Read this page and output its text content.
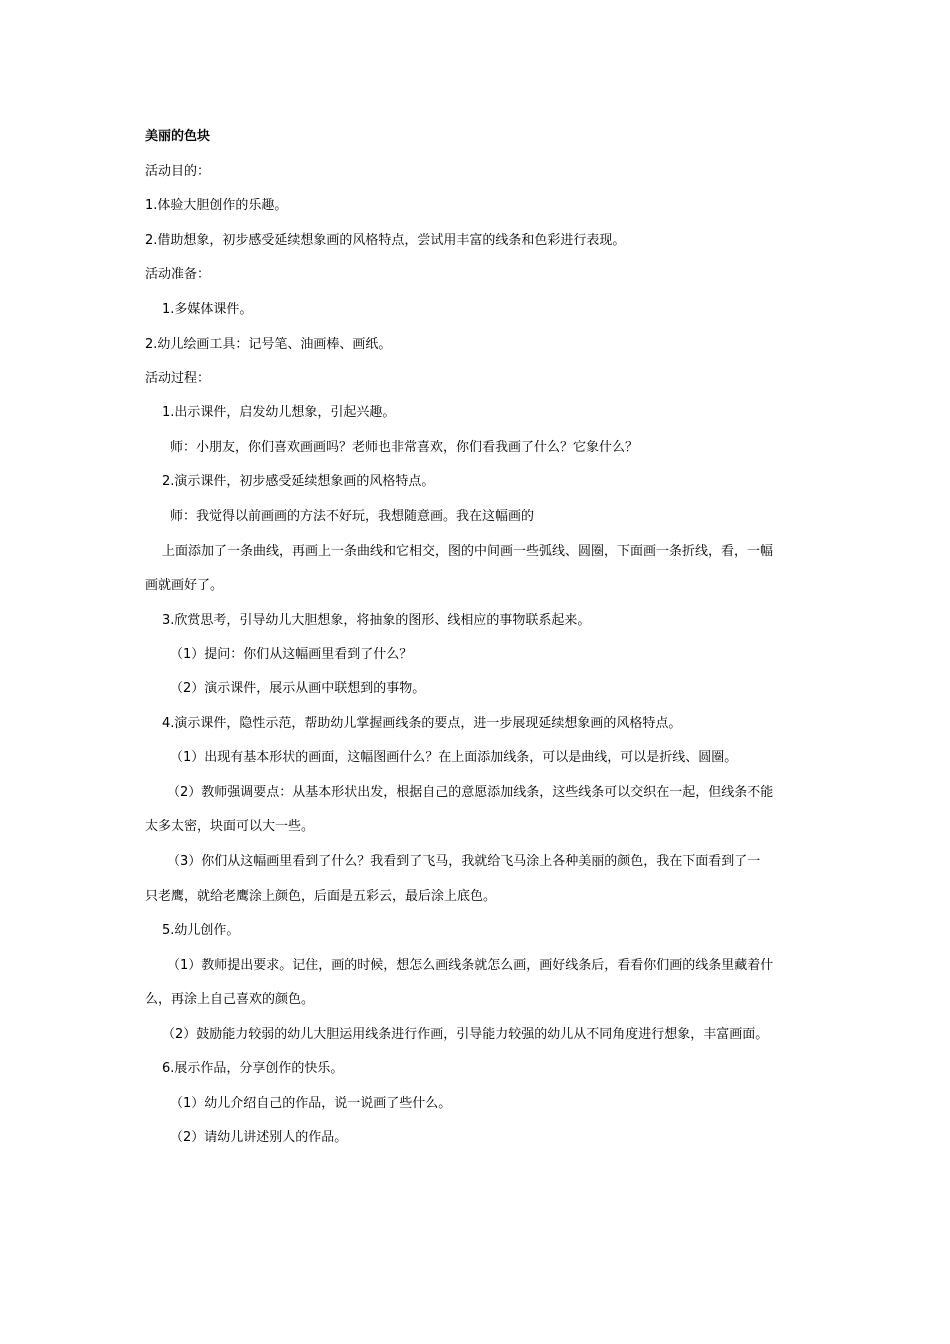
美丽的色块
活动目的：
1.体验大胆创作的乐趣。
2.借助想象，初步感受延续想象画的风格特点，尝试用丰富的线条和色彩进行表现。
活动准备：
1.多媒体课件。
2.幼儿绘画工具：记号笔、油画棒、画纸。
活动过程：
1.出示课件，启发幼儿想象，引起兴趣。
师：小朋友，你们喜欢画画吗？老师也非常喜欢，你们看我画了什么？它象什么？
2.演示课件，初步感受延续想象画的风格特点。
师：我觉得以前画画的方法不好玩，我想随意画。我在这幅画的
上面添加了一条曲线，再画上一条曲线和它相交，图的中间画一些弧线、圆圈，下面画一条折线，看，一幅
画就画好了。
3.欣赏思考，引导幼儿大胆想象，将抽象的图形、线相应的事物联系起来。
（1）提问：你们从这幅画里看到了什么？
（2）演示课件，展示从画中联想到的事物。
4.演示课件，隐性示范，帮助幼儿掌握画线条的要点，进一步展现延续想象画的风格特点。
（1）出现有基本形状的画面，这幅图画什么？在上面添加线条，可以是曲线，可以是折线、圆圈。
（2）教师强调要点：从基本形状出发，根据自己的意愿添加线条，这些线条可以交织在一起，但线条不能
太多太密，块面可以大一些。
（3）你们从这幅画里看到了什么？我看到了飞马，我就给飞马涂上各种美丽的颜色，我在下面看到了一
只老鹰，就给老鹰涂上颜色，后面是五彩云，最后涂上底色。
5.幼儿创作。
（1）教师提出要求。记住，画的时候，想怎么画线条就怎么画，画好线条后，看看你们画的线条里藏着什
么，再涂上自己喜欢的颜色。
（2）鼓励能力较弱的幼儿大胆运用线条进行作画，引导能力较强的幼儿从不同角度进行想象，丰富画面。
6.展示作品，分享创作的快乐。
（1）幼儿介绍自己的作品，说一说画了些什么。
（2）请幼儿讲述别人的作品。
